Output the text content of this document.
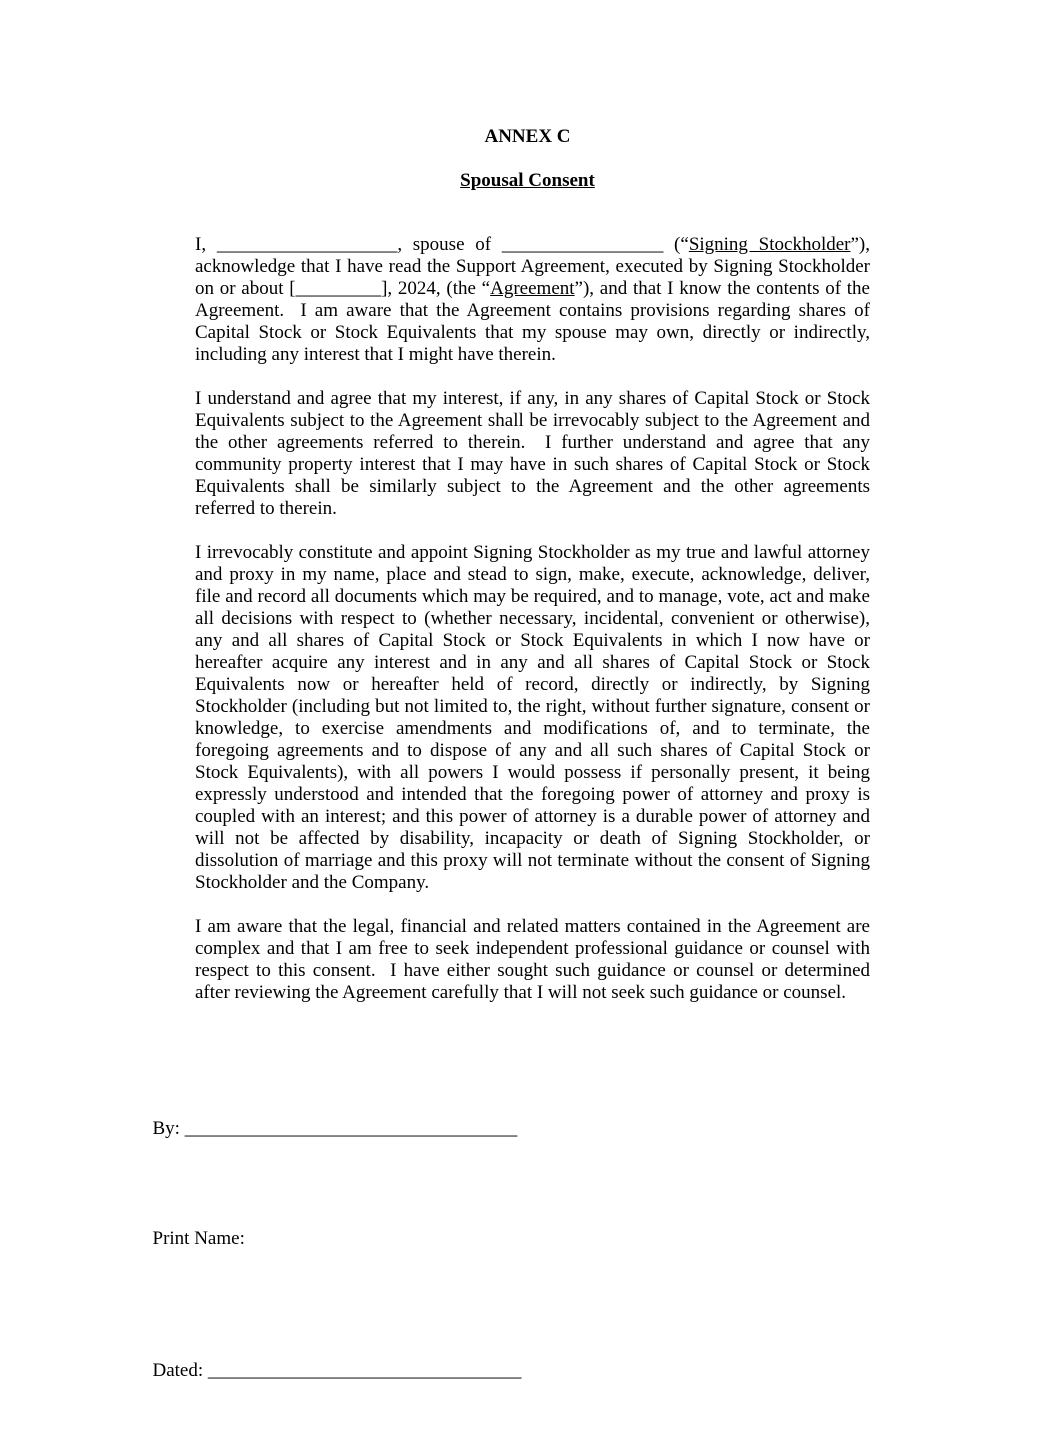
ANNEX C
Spousal Consent

I, ___________________, spouse of _________________ (“Signing Stockholder”), acknowledge that I have read the Support Agreement, executed by Signing Stockholder on or about [_________], 2024, (the “Agreement”), and that I know the contents of the Agreement.  I am aware that the Agreement contains provisions regarding shares of Capital Stock or Stock Equivalents that my spouse may own, directly or indirectly, including any interest that I might have therein.

I understand and agree that my interest, if any, in any shares of Capital Stock or Stock Equivalents subject to the Agreement shall be irrevocably subject to the Agreement and the other agreements referred to therein.  I further understand and agree that any community property interest that I may have in such shares of Capital Stock or Stock Equivalents shall be similarly subject to the Agreement and the other agreements referred to therein.

I irrevocably constitute and appoint Signing Stockholder as my true and lawful attorney and proxy in my name, place and stead to sign, make, execute, acknowledge, deliver, file and record all documents which may be required, and to manage, vote, act and make all decisions with respect to (whether necessary, incidental, convenient or otherwise), any and all shares of Capital Stock or Stock Equivalents in which I now have or hereafter acquire any interest and in any and all shares of Capital Stock or Stock Equivalents now or hereafter held of record, directly or indirectly, by Signing Stockholder (including but not limited to, the right, without further signature, consent or knowledge, to exercise amendments and modifications of, and to terminate, the foregoing agreements and to dispose of any and all such shares of Capital Stock or Stock Equivalents), with all powers I would possess if personally present, it being expressly understood and intended that the foregoing power of attorney and proxy is coupled with an interest; and this power of attorney is a durable power of attorney and will not be affected by disability, incapacity or death of Signing Stockholder, or dissolution of marriage and this proxy will not terminate without the consent of Signing Stockholder and the Company.

I am aware that the legal, financial and related matters contained in the Agreement are complex and that I am free to seek independent professional guidance or counsel with respect to this consent.  I have either sought such guidance or counsel or determined after reviewing the Agreement carefully that I will not seek such guidance or counsel.

By: ___________________________________

Print Name:

Dated: _________________________________
